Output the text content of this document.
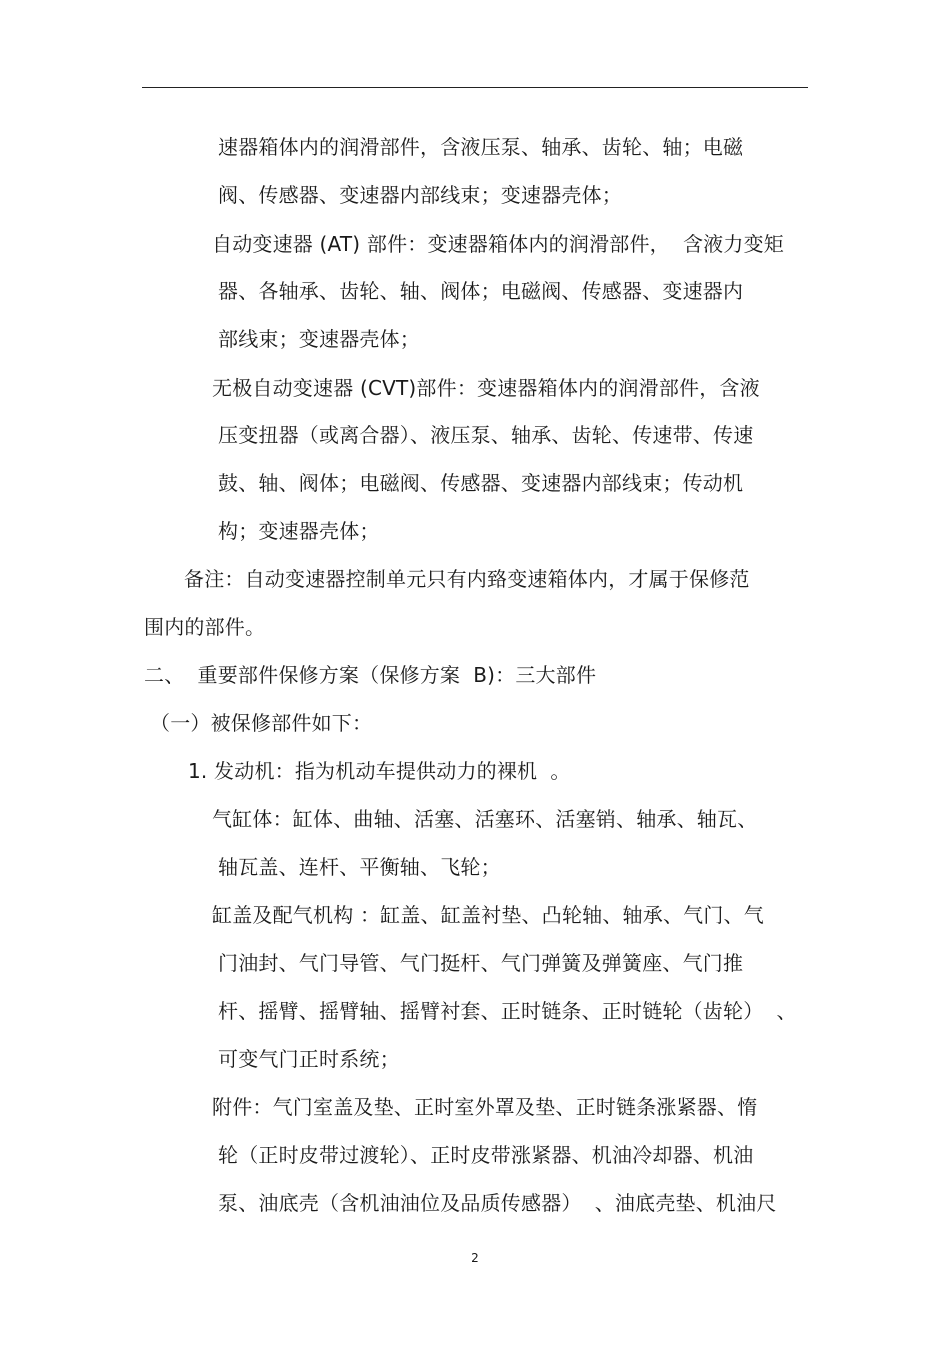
速器箱体内的润滑部件，含液压泵、轴承、齿轮、轴；电磁
阀、传感器、变速器内部线束；变速器壳体；
自动变速器 (AT) 部件：变速器箱体内的润滑部件，  含液力变矩
器、各轴承、齿轮、轴、阀体；电磁阀、传感器、变速器内
部线束；变速器壳体；
无极自动变速器 (CVT)部件：变速器箱体内的润滑部件，含液
压变扭器（或离合器）、液压泵、轴承、齿轮、传速带、传速
鼓、轴、阀体；电磁阀、传感器、变速器内部线束；传动机
构；变速器壳体；
备注：自动变速器控制单元只有内臵变速箱体内，才属于保修范
围内的部件。
二、  重要部件保修方案（保修方案  B)：三大部件
（一）被保修部件如下：
1. 发动机：指为机动车提供动力的裸机  。
气缸体：缸体、曲轴、活塞、活塞环、活塞销、轴承、轴瓦、
轴瓦盖、连杆、平衡轴、飞轮；
缸盖及配气机构 ：缸盖、缸盖衬垫、凸轮轴、轴承、气门、气
门油封、气门导管、气门挺杆、气门弹簧及弹簧座、气门推
杆、摇臂、摇臂轴、摇臂衬套、正时链条、正时链轮（齿轮）  、
可变气门正时系统；
附件：气门室盖及垫、正时室外罩及垫、正时链条涨紧器、惰
轮（正时皮带过渡轮）、正时皮带涨紧器、机油冷却器、机油
泵、油底壳（含机油油位及品质传感器）  、油底壳垫、机油尺
2
